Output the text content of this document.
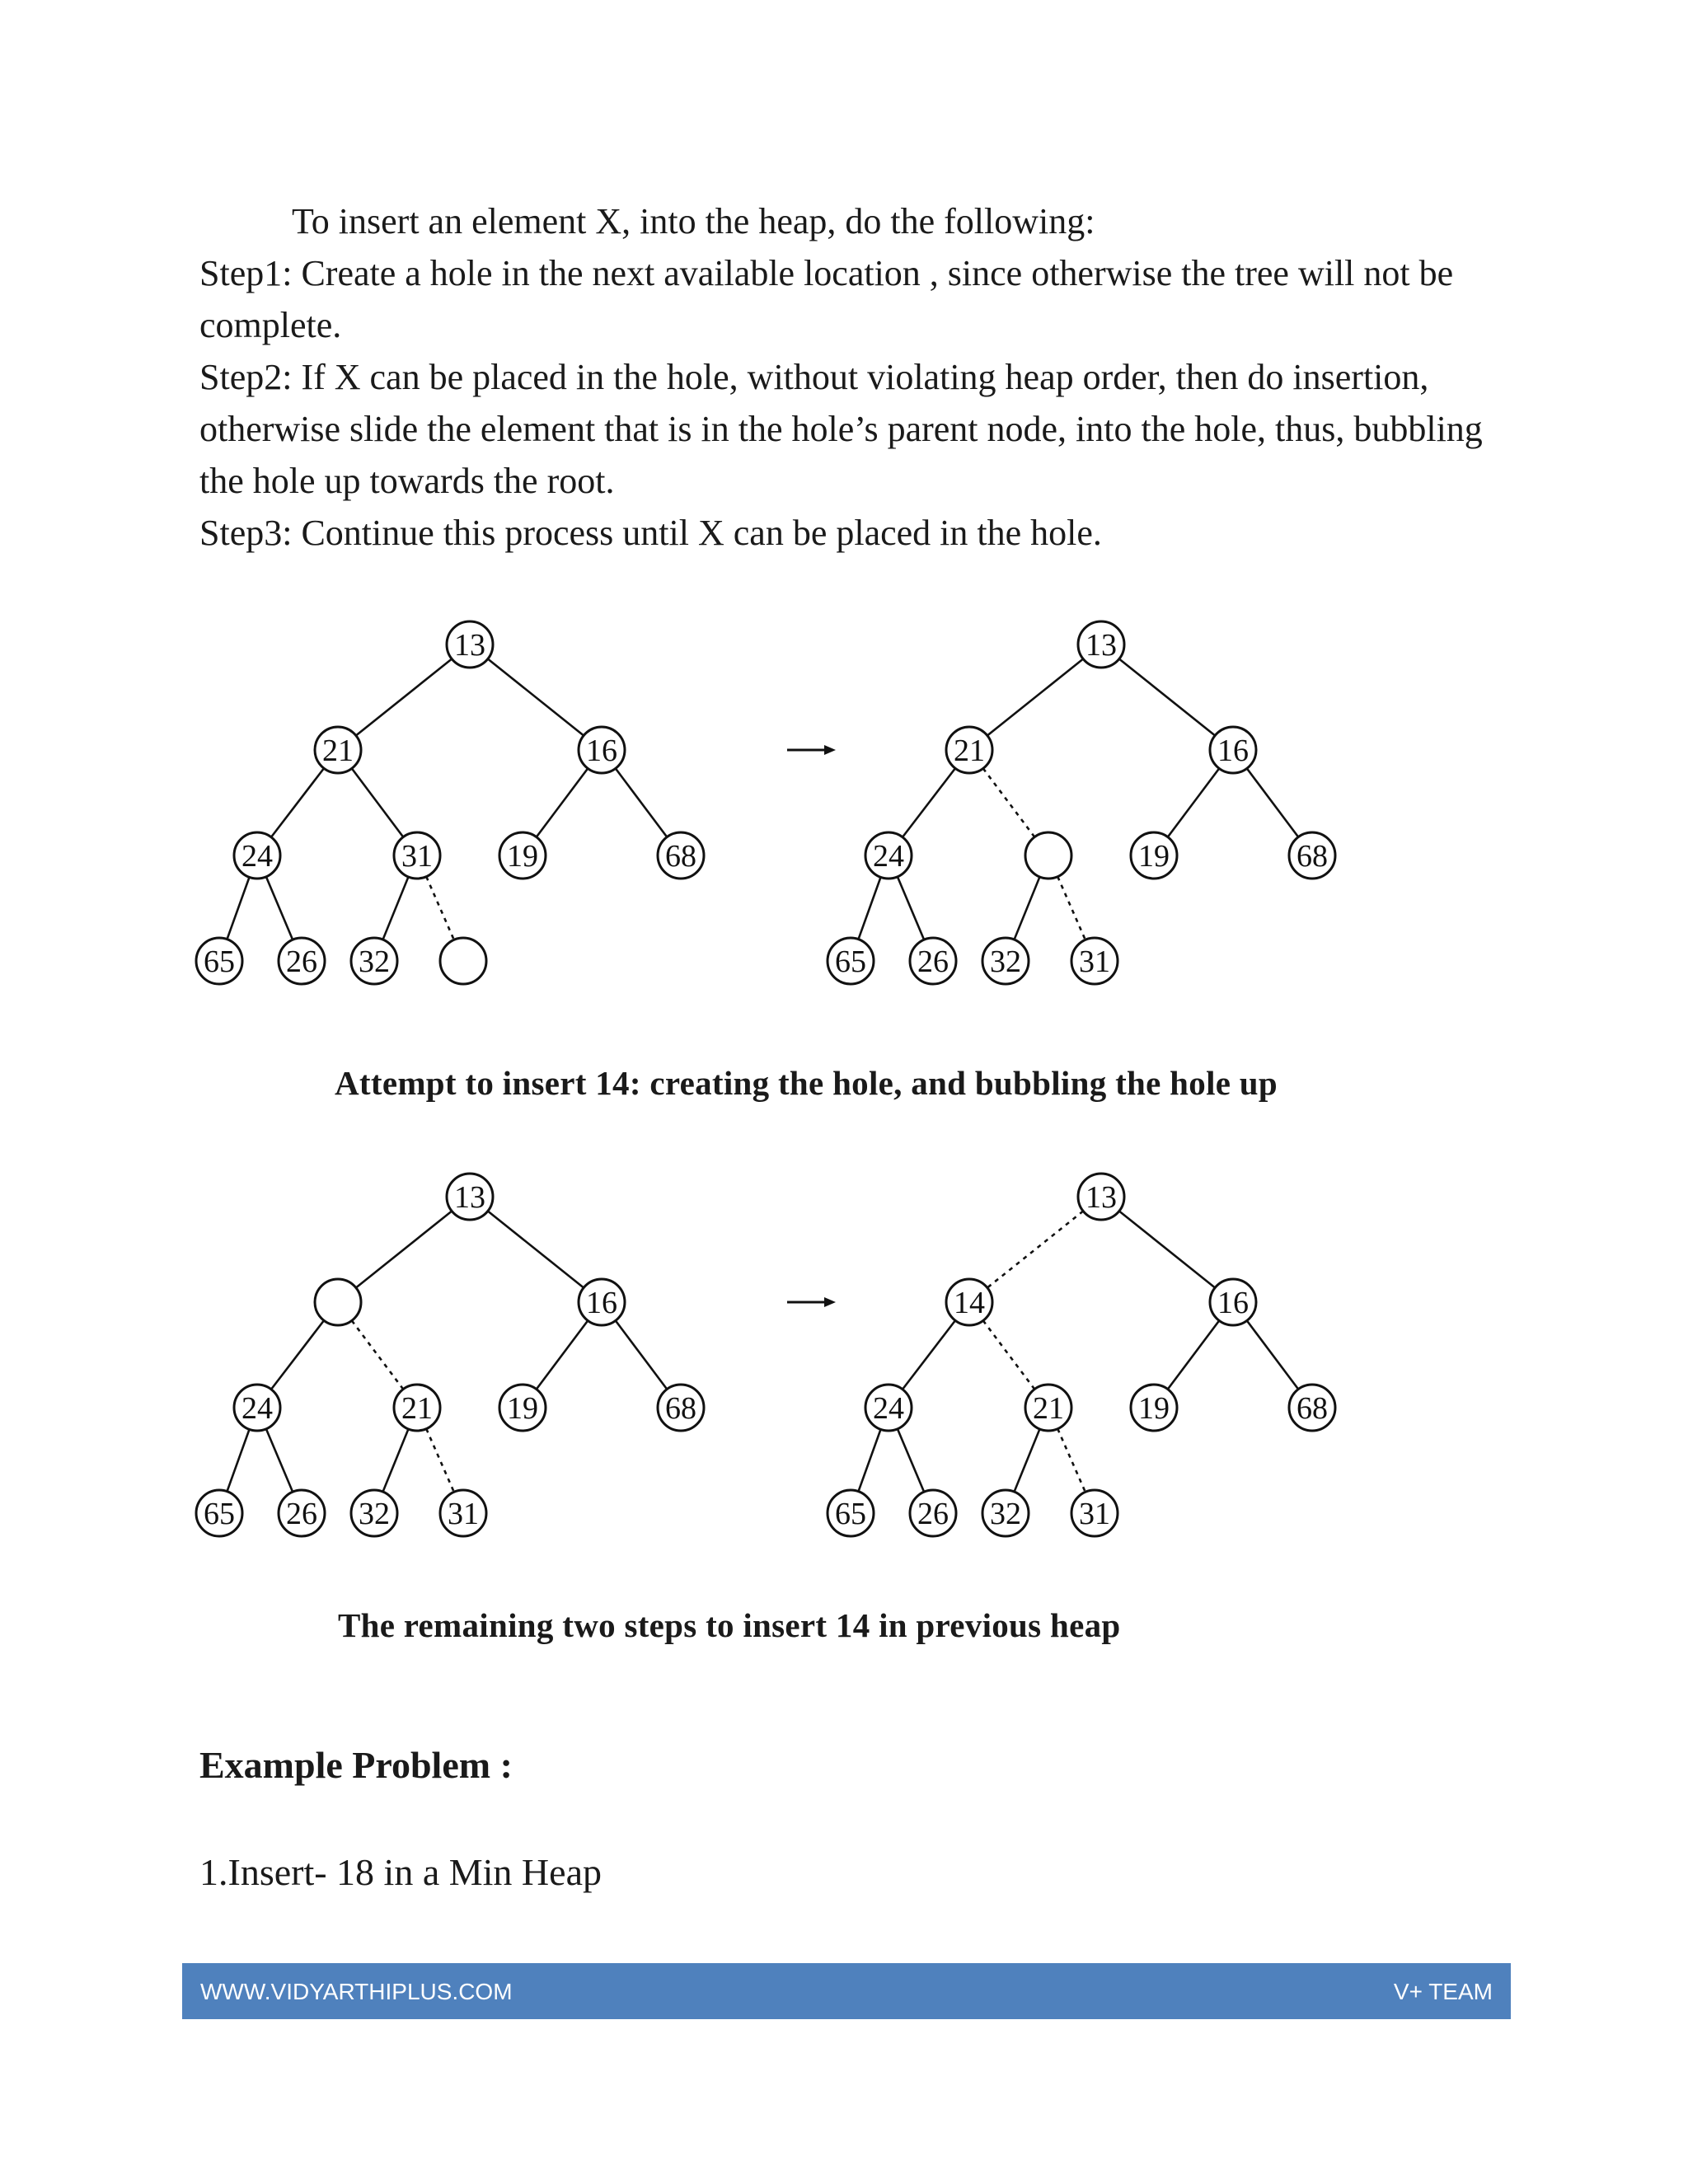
To insert an element X, into the heap, do the following:

Step1: Create a hole in the next available location , since otherwise the tree will not be complete.

Step2: If X can be placed in the hole, without violating heap order, then do insertion, otherwise slide the element that is in the hole’s parent node, into the hole, thus, bubbling the hole up towards the root.

Step3: Continue this process until X can be placed in the hole.

13
21	16
24	31 19	68
65 26 32
13
21	16
24	19	68
65 26 32 31
Attempt to insert 14: creating the hole, and bubbling the hole up
13
16
24	21 19	68
65 26 32 31
13
14	16
24	21 19	68
65 26 32 31
The remaining two steps to insert 14 in previous heap

Example Problem :

1.Insert- 18 in a Min Heap

WWW.VIDYARTHIPLUS.COM	V+ TEAM
